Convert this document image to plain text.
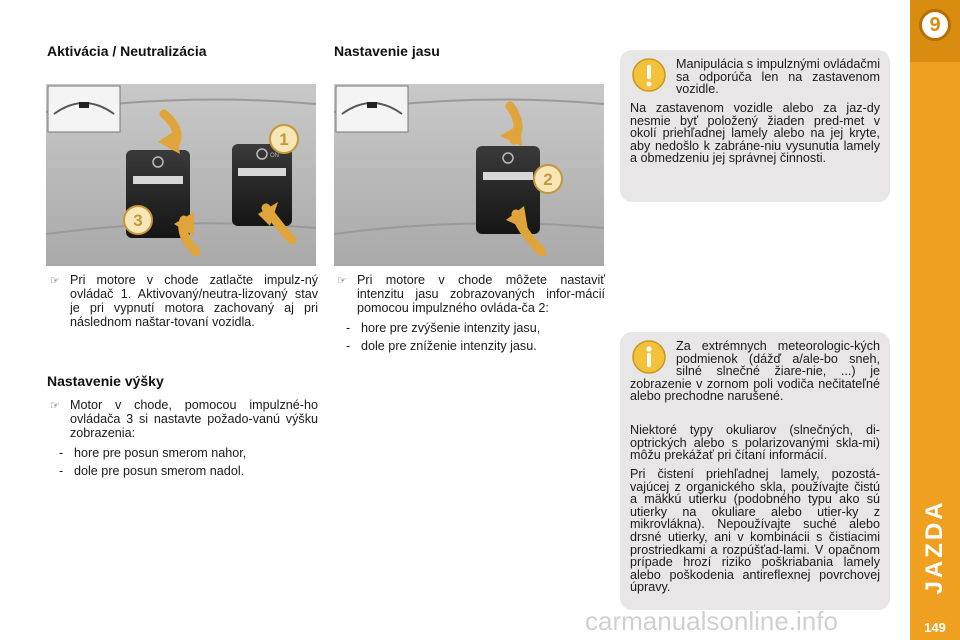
Aktivácia / Neutralizácia
1
3
ON
☞ Pri motore v chode zatlačte impulz-ný ovládač 1. Aktivovaný/neutra-lizovaný stav je pri vypnutí motora zachovaný aj pri následnom naštar-tovaní vozidla.
Nastavenie výšky
☞ Motor v chode, pomocou impulzné-ho ovládača 3 si nastavte požado-vanú výšku zobrazenia:
- hore pre posun smerom nahor,
- dole pre posun smerom nadol.
Nastavenie jasu
2
☞ Pri motore v chode môžete nastaviť intenzitu jasu zobrazovaných infor-mácií pomocou impulzného ovláda-ča 2:
- hore pre zvýšenie intenzity jasu,
- dole pre zníženie intenzity jasu.
Manipulácia s impulznými ovládačmi sa odporúča len na zastavenom vozidle.
Na zastavenom vozidle alebo za jaz-dy nesmie byť položený žiaden pred-met v okolí priehľadnej lamely alebo na jej kryte, aby nedošlo k zabráne-niu vysunutia lamely a obmedzeniu jej správnej činnosti.
Za extrémnych meteorologic-kých podmienok (dážď a/ale-bo sneh, silné slnečné žiare-nie, ...) je zobrazenie v zornom poli vodiča nečitateľné alebo prechodne narušené.
Niektoré typy okuliarov (slnečných, di-optrických alebo s polarizovanými skla-mi) môžu prekážať pri čítaní informácií.
Pri čistení priehľadnej lamely, pozostá-vajúcej z organického skla, používajte čistú a mäkkú utierku (podobného typu ako sú utierky na okuliare alebo utier-ky z mikrovlákna). Nepoužívajte suché alebo drsné utierky, ani v kombinácii s čistiacimi prostriedkami a rozpúšťad-lami. V opačnom prípade hrozí riziko poškriabania lamely alebo poškodenia antireflexnej povrchovej úpravy.
9
JAZDA
149
carmanualsonline.info
